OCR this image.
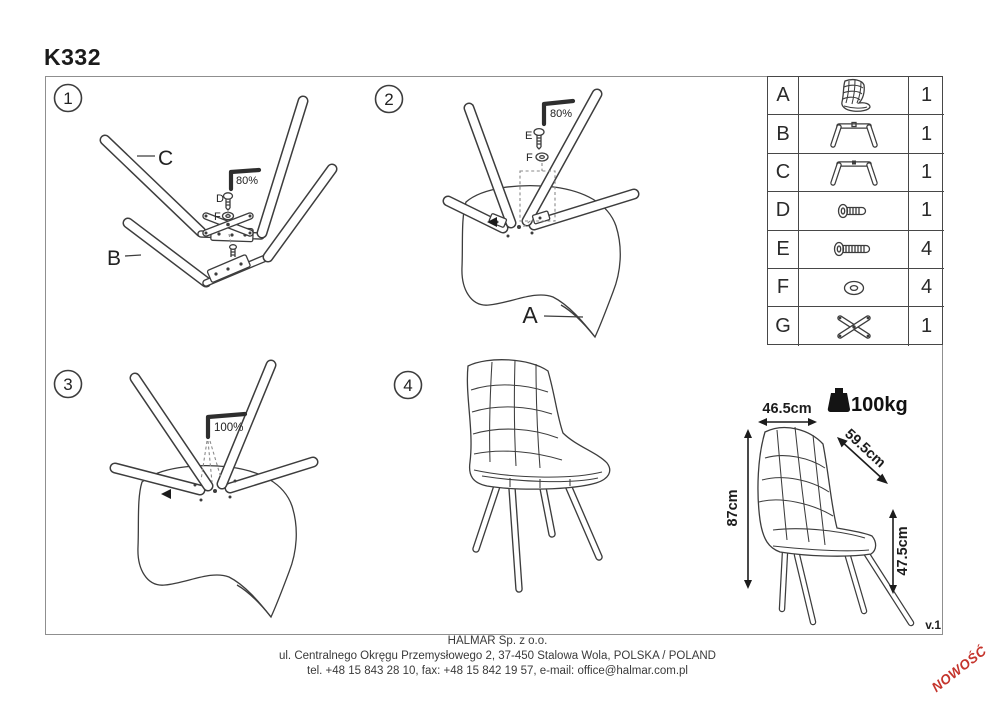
K332
1
80%
D
F
C
B
2
80%
E
F
A
3
100%
4
46.5cm 100kg
87cm
59.5cm
47.5cm
A	1
B	1
C	1
D	1
E	4
F	4
G	1
v.1
HALMAR Sp. z o.o.
ul. Centralnego Okręgu Przemysłowego 2, 37-450 Stalowa Wola, POLSKA / POLAND
tel. +48 15 843 28 10, fax: +48 15 842 19 57, e-mail: office@halmar.com.pl	NOWOŚĆ
